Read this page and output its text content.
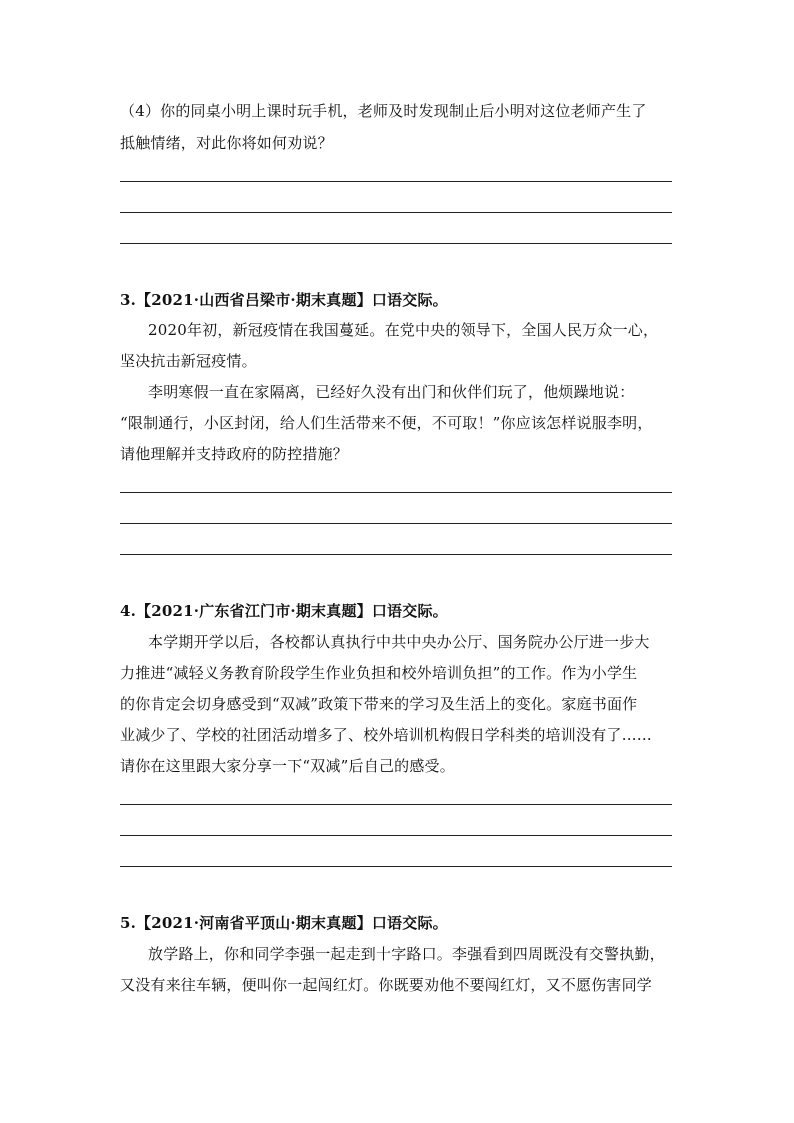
（4）你的同桌小明上课时玩手机，老师及时发现制止后小明对这位老师产生了
抵触情绪，对此你将如何劝说？
3.【2021·山西省吕梁市·期末真题】口语交际。
2020年初，新冠疫情在我国蔓延。在党中央的领导下，全国人民万众一心，
坚决抗击新冠疫情。
李明寒假一直在家隔离，已经好久没有出门和伙伴们玩了，他烦躁地说：
“限制通行，小区封闭，给人们生活带来不便，不可取！”你应该怎样说服李明，
请他理解并支持政府的防控措施？
4.【2021·广东省江门市·期末真题】口语交际。
本学期开学以后，各校都认真执行中共中央办公厅、国务院办公厅进一步大
力推进“减轻义务教育阶段学生作业负担和校外培训负担”的工作。作为小学生
的你肯定会切身感受到“双减”政策下带来的学习及生活上的变化。家庭书面作
业减少了、学校的社团活动增多了、校外培训机构假日学科类的培训没有了……
请你在这里跟大家分享一下“双减”后自己的感受。
5.【2021·河南省平顶山·期末真题】口语交际。
放学路上，你和同学李强一起走到十字路口。李强看到四周既没有交警执勤，
又没有来往车辆，便叫你一起闯红灯。你既要劝他不要闯红灯，又不愿伤害同学
